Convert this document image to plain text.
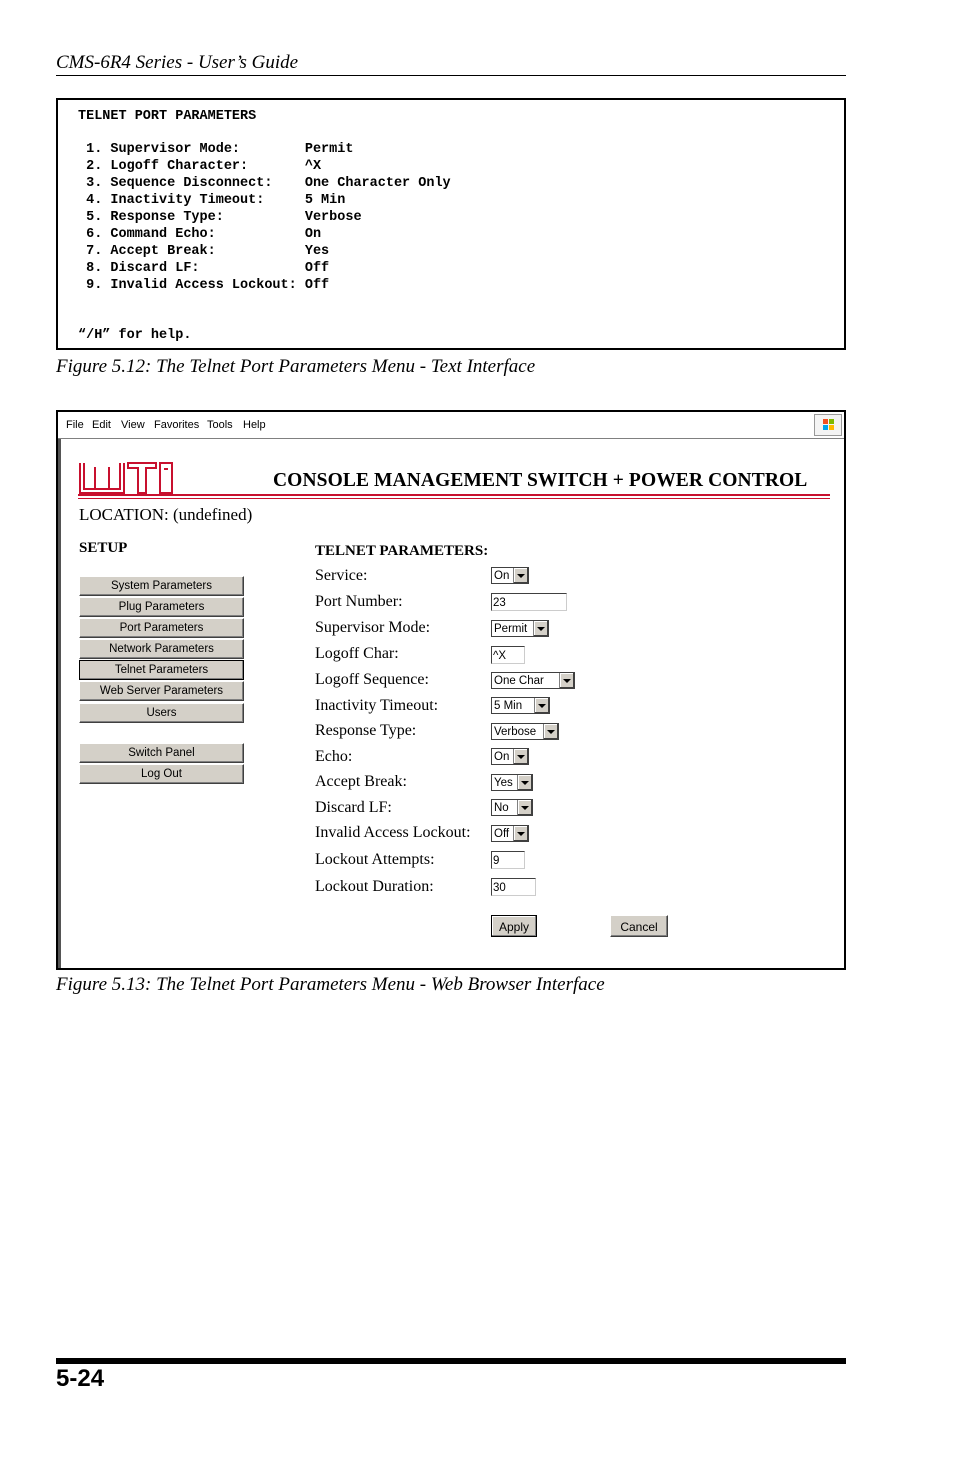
CMS-6R4 Series - User’s Guide
TELNET PORT PARAMETERS
1. Supervisor Mode:        Permit
2. Logoff Character:       ^X
3. Sequence Disconnect:    One Character Only
4. Inactivity Timeout:     5 Min
5. Response Type:          Verbose
6. Command Echo:           On
7. Accept Break:           Yes
8. Discard LF:             Off
9. Invalid Access Lockout: Off
“/H” for help.
Figure 5.12: The Telnet Port Parameters Menu - Text Interface
File Edit View Favorites Tools Help
CONSOLE MANAGEMENT SWITCH + POWER CONTROL
LOCATION: (undefined)
SETUP
System Parameters
Plug Parameters
Port Parameters
Network Parameters
Telnet Parameters
Web Server Parameters
Users
Switch Panel
Log Out
TELNET PARAMETERS:
Service:	On
Port Number:	23
Supervisor Mode:	Permit
Logoff Char:	^X
Logoff Sequence:	One Char
Inactivity Timeout:	5 Min
Response Type:	Verbose
Echo:	On
Accept Break:	Yes
Discard LF:	No
Invalid Access Lockout: Off
Lockout Attempts:	9
Lockout Duration:	30
Apply	Cancel
Figure 5.13: The Telnet Port Parameters Menu - Web Browser Interface
5-24
